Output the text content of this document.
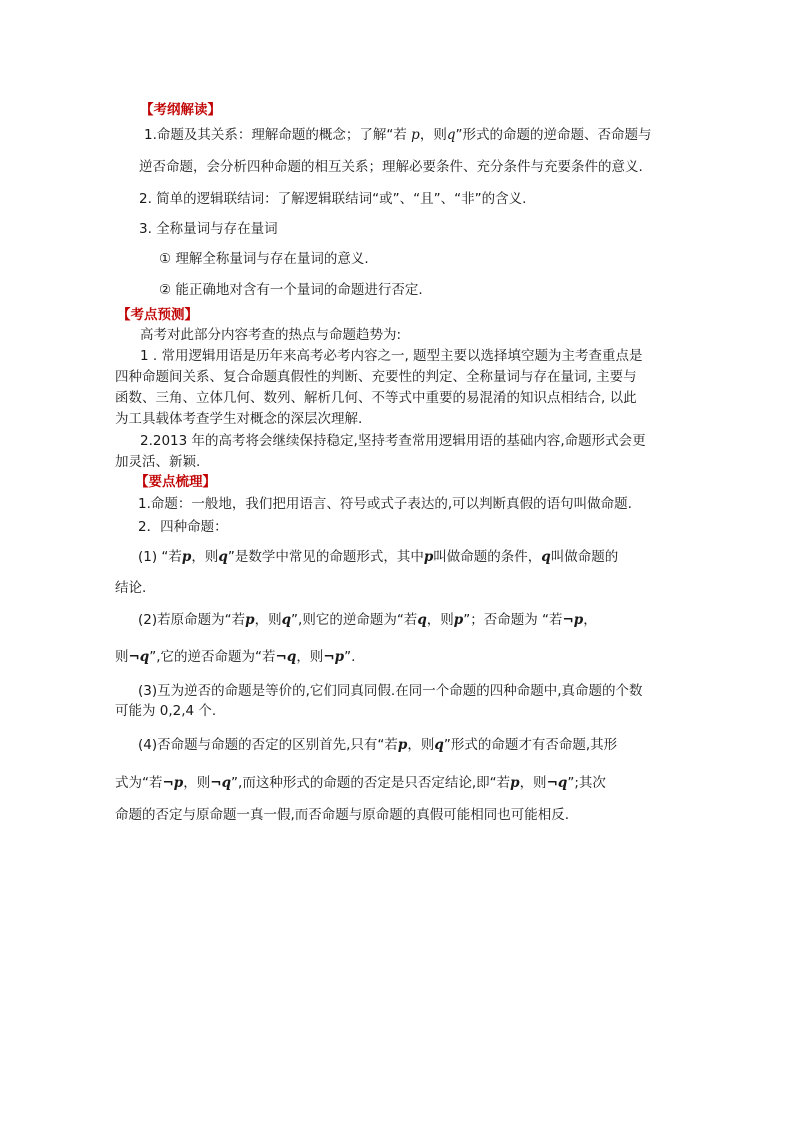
【考纲解读】
1.命题及其关系：理解命题的概念；了解“若 p，则q”形式的命题的逆命题、否命题与
逆否命题，会分析四种命题的相互关系；理解必要条件、充分条件与充要条件的意义.
2. 简单的逻辑联结词：了解逻辑联结词“或”、“且”、“非”的含义.
3. 全称量词与存在量词
① 理解全称量词与存在量词的意义.
② 能正确地对含有一个量词的命题进行否定.
【考点预测】
高考对此部分内容考查的热点与命题趋势为:
1 . 常用逻辑用语是历年来高考必考内容之一, 题型主要以选择填空题为主考查重点是
四种命题间关系、复合命题真假性的判断、充要性的判定、全称量词与存在量词, 主要与
函数、三角、立体几何、数列、解析几何、不等式中重要的易混淆的知识点相结合, 以此
为工具载体考查学生对概念的深层次理解.
2.2013 年的高考将会继续保持稳定,坚持考查常用逻辑用语的基础内容,命题形式会更
加灵活、新颖.
【要点梳理】
1.命题：一般地，我们把用语言、符号或式子表达的,可以判断真假的语句叫做命题.
2．四种命题：
(1) “若p，则q”是数学中常见的命题形式，其中p叫做命题的条件，q叫做命题的
结论.
(2)若原命题为“若p，则q”,则它的逆命题为“若q，则p”；否命题为 “若¬p，
则¬q”,它的逆否命题为“若¬q，则¬p”.
(3)互为逆否的命题是等价的,它们同真同假.在同一个命题的四种命题中,真命题的个数
可能为 0,2,4 个.
(4)否命题与命题的否定的区别首先,只有“若p，则q”形式的命题才有否命题,其形
式为“若¬p，则¬q”,而这种形式的命题的否定是只否定结论,即“若p，则¬q”;其次
命题的否定与原命题一真一假,而否命题与原命题的真假可能相同也可能相反.
